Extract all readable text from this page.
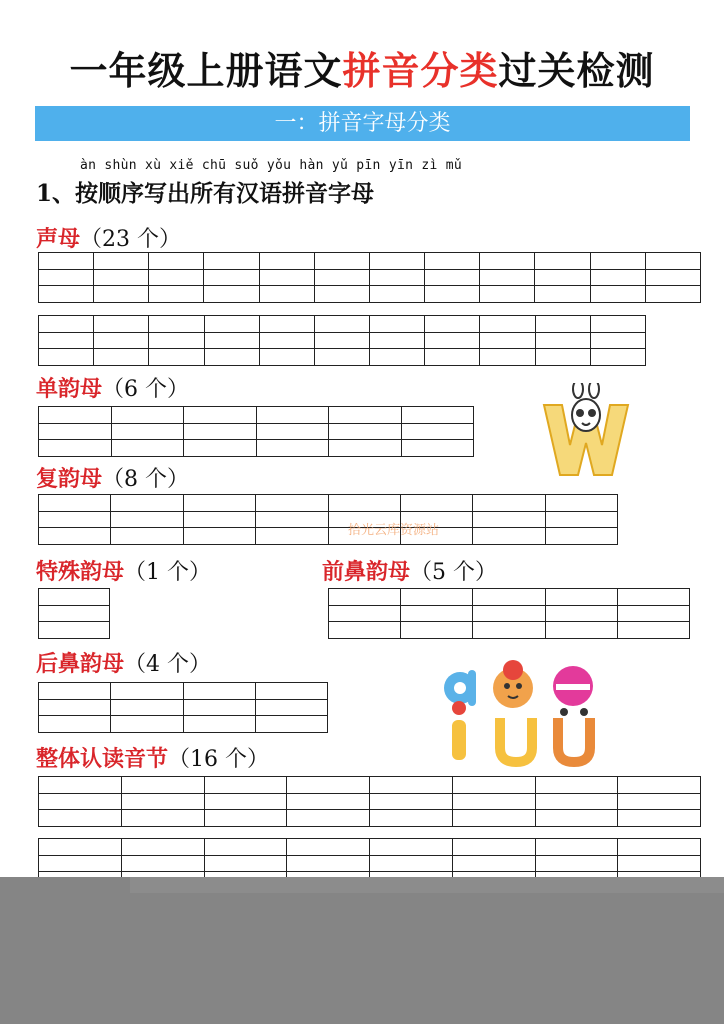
一年级上册语文拼音分类过关检测
一：拼音字母分类
àn shùn xù xiě chū suǒ yǒu hàn yǔ pīn yīn zì mǔ
1、按顺序写出所有汉语拼音字母
声母（23 个）

单韵母（6 个）

复韵母（8 个）

拾光云库资源站
特殊韵母（1 个）	前鼻韵母（5 个）

后鼻韵母（4 个）

整体认读音节（16 个）
